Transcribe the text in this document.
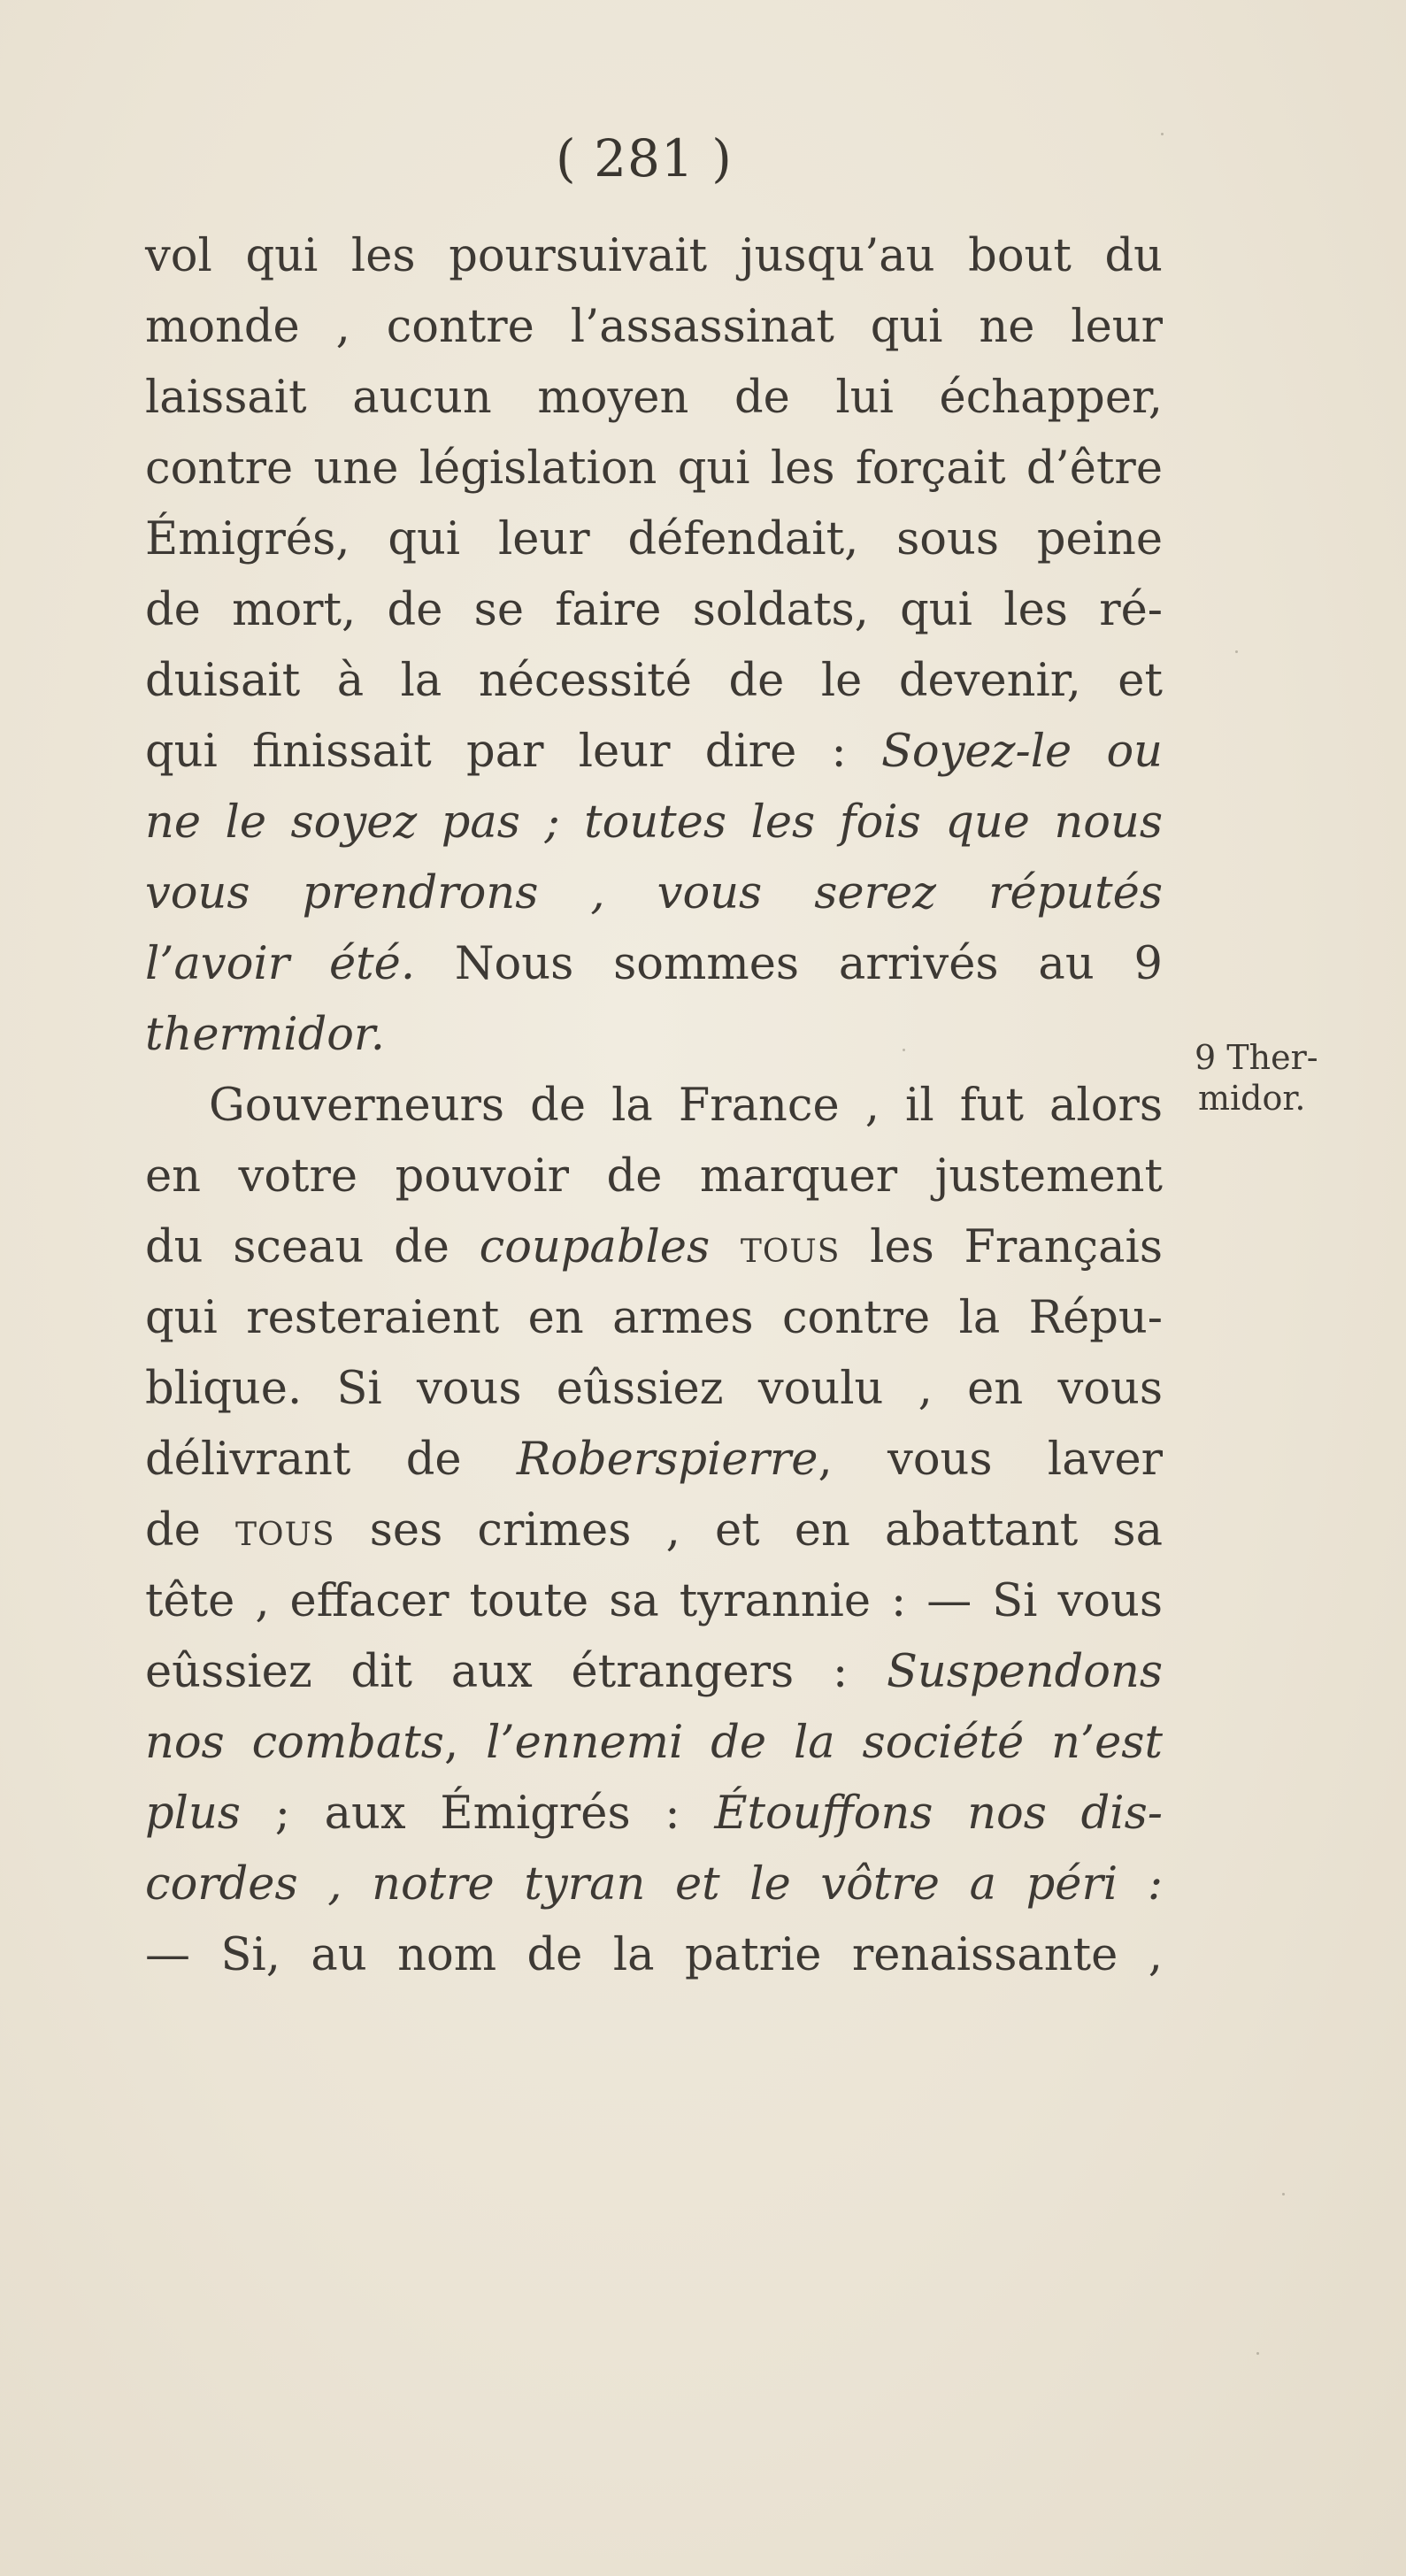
( 281 )
vol qui les poursuivait jusqu’au bout du
monde , contre l’assassinat qui ne leur
laissait aucun moyen de lui échapper,
contre une législation qui les forçait d’être
Émigrés, qui leur défendait, sous peine
de mort, de se faire soldats, qui les ré-
duisait à la nécessité de le devenir, et
qui finissait par leur dire : Soyez-le ou
ne le soyez pas ; toutes les fois que nous
vous prendrons , vous serez réputés
l’avoir été. Nous sommes arrivés au 9
thermidor.
Gouverneurs de la France , il fut alors
en votre pouvoir de marquer justement
du sceau de coupables tous les Français
qui resteraient en armes contre la Répu-
blique. Si vous eûssiez voulu , en vous
délivrant de Roberspierre, vous laver
de tous ses crimes , et en abattant sa
tête , effacer toute sa tyrannie : — Si vous
eûssiez dit aux étrangers : Suspendons
nos combats, l’ennemi de la société n’est
plus ; aux Émigrés : Étouffons nos dis-
cordes , notre tyran et le vôtre a péri :
— Si, au nom de la patrie renaissante ,
9 Ther-
midor.
